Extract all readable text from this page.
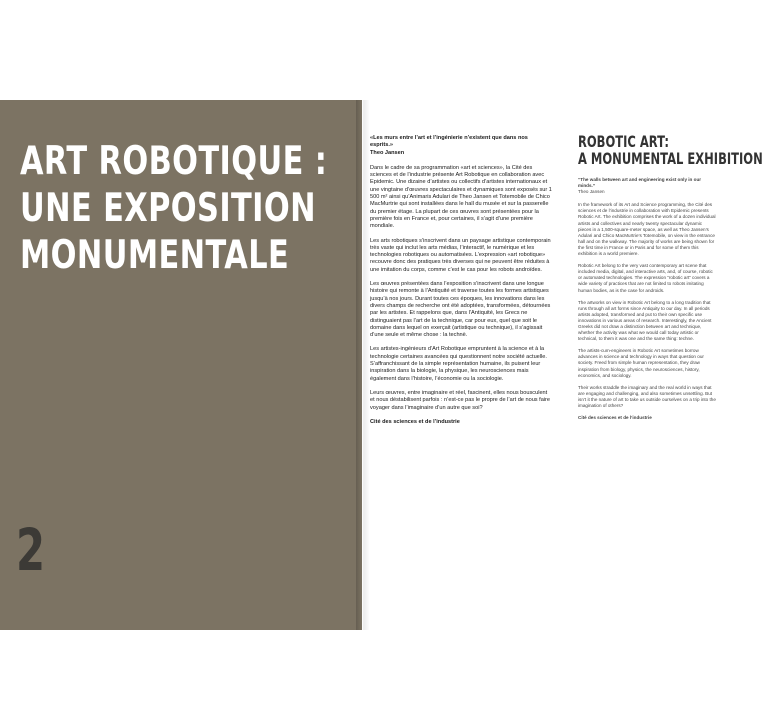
ART ROBOTIQUE :
UNE EXPOSITION
MONUMENTALE
2

«Les murs entre l’art et l’ingénierie n’existent que dans nos esprits.»

Theo Jansen

Dans le cadre de sa programmation «art et sciences», la Cité des sciences et de l’industrie présente Art Robotique en collaboration avec Epidemic. Une dizaine d’artistes ou collectifs d’artistes internationaux et une vingtaine d’œuvres spectaculaires et dynamiques sont exposés sur 1 500 m² ainsi qu’Animaris Adulari de Theo Jansen et Totemobile de Chico MacMurtrie qui sont installées dans le hall du musée et sur la passerelle du premier étage. La plupart de ces œuvres sont présentées pour la première fois en France et, pour certaines, il s’agit d’une première mondiale.

Les arts robotiques s’inscrivent dans un paysage artistique contemporain très vaste qui inclut les arts médias, l’interactif, le numérique et les technologies robotiques ou automatisées. L’expression «art robotique» recouvre donc des pratiques très diverses qui ne peuvent être réduites à une imitation du corps, comme c’est le cas pour les robots androïdes.

Les œuvres présentées dans l’exposition s’inscrivent dans une longue histoire qui remonte à l’Antiquité et traverse toutes les formes artistiques jusqu’à nos jours. Durant toutes ces époques, les innovations dans les divers champs de recherche ont été adoptées, transformées, détournées par les artistes. Et rappelons que, dans l’Antiquité, les Grecs ne distinguaient pas l’art de la technique, car pour eux, quel que soit le domaine dans lequel on exerçait (artistique ou technique), il s’agissait d’une seule et même chose : la technè.

Les artistes-ingénieurs d’Art Robotique empruntent à la science et à la technologie certaines avancées qui questionnent notre société actuelle. S’affranchissant de la simple représentation humaine, ils puisent leur inspiration dans la biologie, la physique, les neurosciences mais également dans l’histoire, l’économie ou la sociologie.

Leurs œuvres, entre imaginaire et réel, fascinent, elles nous bousculent et nous déstabilisent parfois : n’est-ce pas le propre de l’art de nous faire voyager dans l’imaginaire d’un autre que soi?

Cité des sciences et de l’industrie

ROBOTIC ART:
A MONUMENTAL EXHIBITION

“The walls between art and engineering exist only in our minds.”

Theo Jansen

In the framework of its Art and Science programming, the Cité des sciences et de l’industrie in collaboration with Epidemic presents Robotic Art. The exhibition comprises the work of a dozen individual artists and collectives and nearly twenty spectacular dynamic pieces in a 1,500-square-meter space, as well as Theo Jansen’s Adulari and Chico MacMurtrie’s Totemobile, on view in the entrance hall and on the walkway. The majority of works are being shown for the first time in France or in Paris and for some of them this exhibition is a world premiere.

Robotic Art belong to the very vast contemporary art scene that included media, digital, and interactive arts, and, of course, robotic or automated technologies. The expression “robotic art” covers a wide variety of practices that are not limited to robots imitating human bodies, as is the case for androids.

The artworks on view in Robotic Art belong to a long tradition that runs through all art forms since Antiquity to our day. In all periods artists adopted, transformed and put to their own specific use innovations in various areas of research. Interestingly, the Ancient Greeks did not draw a distinction between art and technique, whether the activity was what we would call today artistic or technical, to them it was one and the same thing: techne.

The artists-cum-engineers in Robotic Art sometimes borrow advances in science and technology in ways that question our society. Freed from simple human representation, they draw inspiration from biology, physics, the neurosciences, history, economics, and sociology.

Their works straddle the imaginary and the real world in ways that are engaging and challenging, and also sometimes unsettling. But isn’t it the nature of art to take us outside ourselves on a trip into the imagination of others?

Cité des sciences et de l’industrie
